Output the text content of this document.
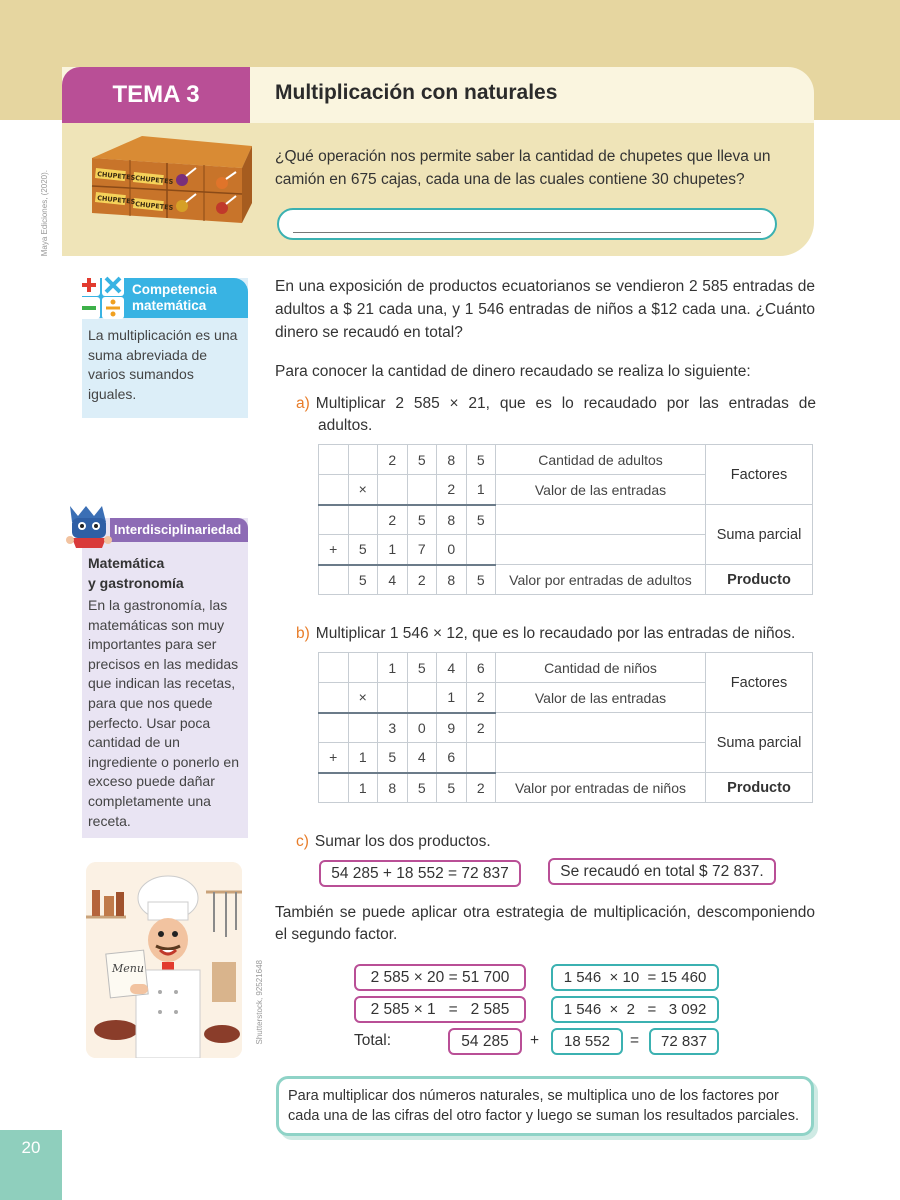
TEMA 3	Multiplicación con naturales
CHUPETES CHUPETES
CHUPETES
CHUPETES
¿Qué operación nos permite saber la cantidad de chupetes que lleva un camión en 675 cajas, cada una de las cuales contiene 30 chupetes?
Maya Ediciones, (2020).
Competencia
matemática
La multiplicación es una suma abreviada de varios sumandos iguales.
Interdisciplinariedad
Matemática
y gastronomía
En la gastronomía, las matemáticas son muy importantes para ser precisos en las medidas que indican las recetas, para que nos quede perfecto. Usar poca cantidad de un ingrediente o ponerlo en exceso puede dañar completamente una receta.
Menu	Shutterstock, 92521648
En una exposición de productos ecuatorianos se vendieron 2 585 entradas de adultos a $ 21 cada una, y 1 546 entradas de niños a $12 cada una. ¿Cuánto dinero se recaudó en total?
Para conocer la cantidad de dinero recaudado se realiza lo siguiente:
a) Multiplicar 2 585 × 21, que es lo recaudado por las entradas de
adultos.
		2	5	8	5	Cantidad de adultos	Factores
	×			2	1	Valor de las entradas	
		2	5	8	5		Suma parcial
+	5	1	7	0			
	5	4	2	8	5	Valor por entradas de adultos	Producto
b) Multiplicar 1 546 × 12, que es lo recaudado por las entradas de niños.
		1	5	4	6	Cantidad de niños	Factores
	×			1	2	Valor de las entradas	
		3	0	9	2		Suma parcial
+	1	5	4	6			
	1	8	5	5	2	Valor por entradas de niños	Producto
c) Sumar los dos productos.
54 285 + 18 552 = 72 837	Se recaudó en total $ 72 837.
También se puede aplicar otra estrategia de multiplicación, descomponiendo el segundo factor.
2 585 × 20 = 51 700
2 585 × 1   =   2 585
1 546  × 10  = 15 460
1 546  ×  2   =   3 092
Total:	54 285	+	18 552	=	72 837
Para multiplicar dos números naturales, se multiplica uno de los factores por cada una de las cifras del otro factor y luego se suman los resultados parciales.
20
